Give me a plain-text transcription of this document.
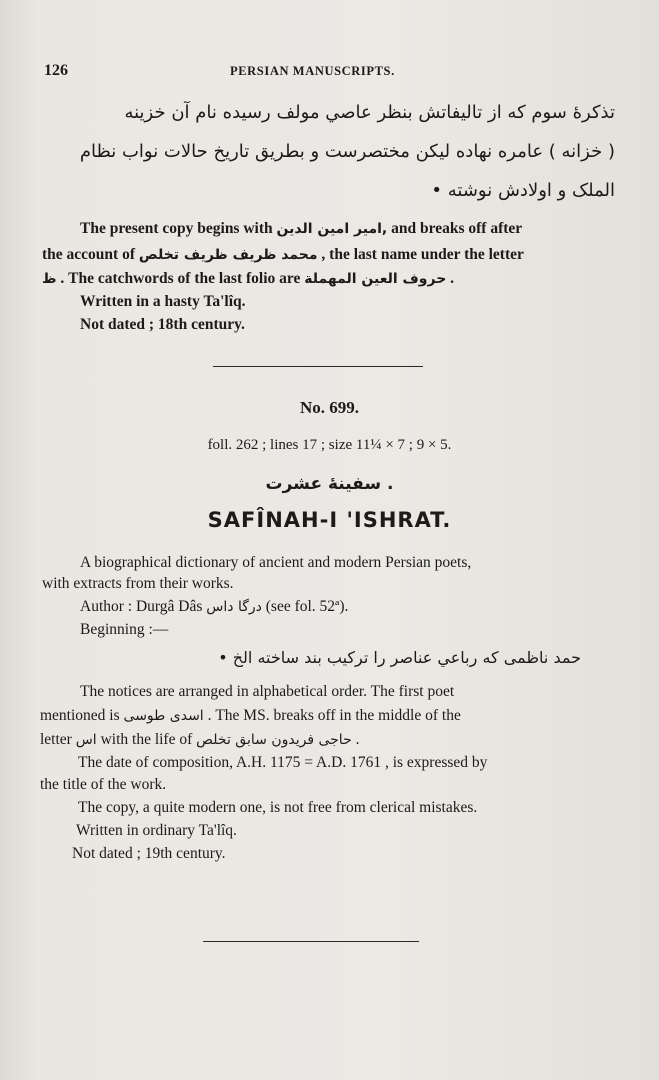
126	PERSIAN MANUSCRIPTS.
تذکرهٔ سوم که از تالیفاتش بنظر عاصي مولف رسیده نام آن خزینه
( خزانه ) عامره نهاده لیکن مختصرست و بطریق تاریخ حالات نواب نظام
الملک و اولادش نوشته •
The present copy begins with امیر امین الدین, and breaks off after
the account of محمد ظریف ظریف تخلص , the last name under the letter
ظ . The catchwords of the last folio are حروف العین المهملة .
Written in a hasty Ta'lîq.
Not dated ; 18th century.
No. 699.
foll. 262 ; lines 17 ; size 11¼ × 7 ; 9 × 5.
سفینهٔ عشرت .
SAFÎNAH-I 'ISHRAT.
A biographical dictionary of ancient and modern Persian poets,
with extracts from their works.
Author : Durgâ Dâs درگا داس (see fol. 52ª).
Beginning :—
حمد ناظمی که رباعي عناصر را ترکیب بند ساخته الخ •
The notices are arranged in alphabetical order. The first poet
mentioned is اسدی طوسی . The MS. breaks off in the middle of the
letter اس with the life of حاجی فریدون سابق تخلص .
The date of composition, A.H. 1175 = A.D. 1761 , is expressed by
the title of the work.
The copy, a quite modern one, is not free from clerical mistakes.
Written in ordinary Ta'lîq.
Not dated ; 19th century.
